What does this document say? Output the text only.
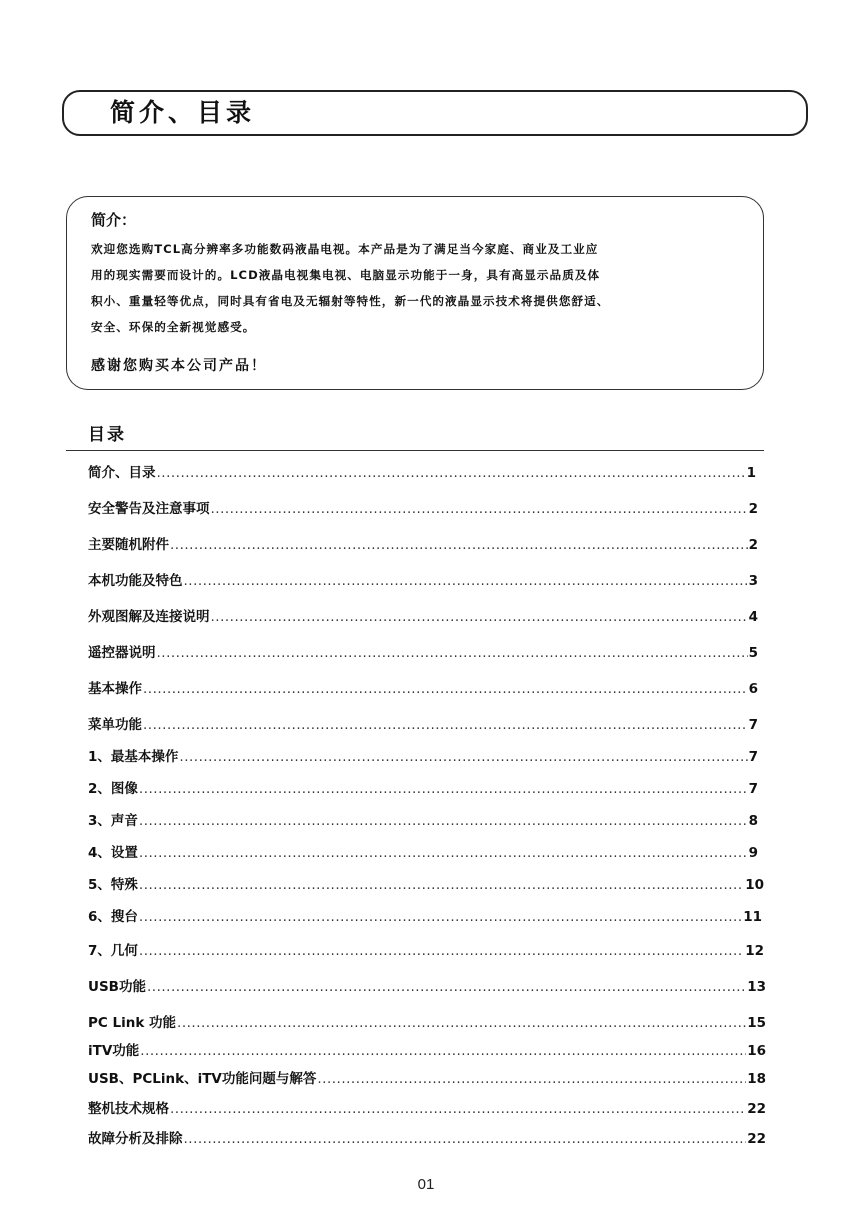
简介、目录
简介：
欢迎您选购TCL高分辨率多功能数码液晶电视。本产品是为了满足当今家庭、商业及工业应
用的现实需要而设计的。LCD液晶电视集电视、电脑显示功能于一身，具有高显示品质及体
积小、重量轻等优点，同时具有省电及无辐射等特性，新一代的液晶显示技术将提供您舒适、
安全、环保的全新视觉感受。
感谢您购买本公司产品！
目录
简介、目录 .....	1
安全警告及注意事项 .....	2
主要随机附件 .....	2
本机功能及特色 .....	3
外观图解及连接说明 .....	4
遥控器说明 .....	5
基本操作 .....	6
菜单功能 .....	7
1、最基本操作 .....	7
2、图像 .....	7
3、声音 .....	8
4、设置 .....	9
5、特殊 .....	10
6、搜台 .....	11
7、几何 .....	12
USB功能 .....	13
PC Link 功能 .....	15
iTV功能 .....	16
USB、PCLink、iTV功能问题与解答 .....	18
整机技术规格 .....	22
故障分析及排除 .....	22
01
